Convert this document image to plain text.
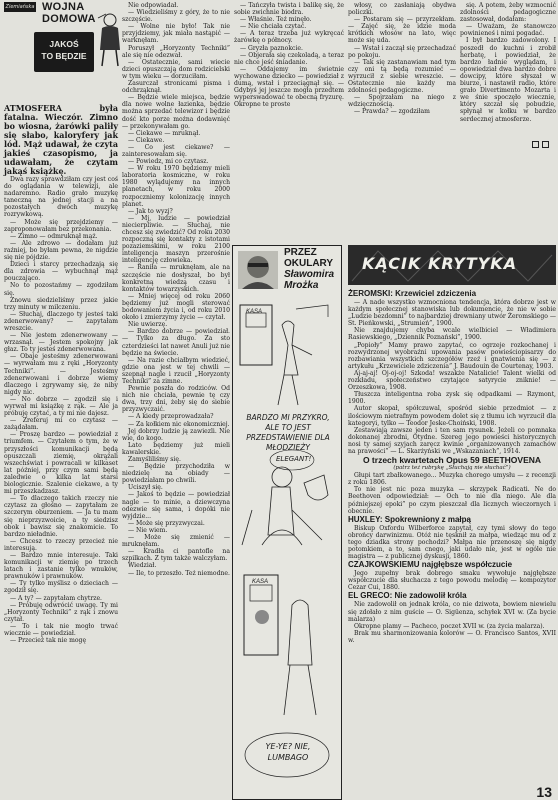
Ziemiańska WOJNA DOMOWA
JAKOŚ
TO BĘDZIE

ATMOSFERA była fatalna. Wieczór. Zimno bo wiosna, żarówki paliły się słabo, kaloryfery jak lód. Mąż udawał, że czyta jakieś czasopismo, ja udawałam, że czytam jakąś książkę.

Dwa razy sprawdziłam czy jest coś do oglądania w telewizji, ale nadaremno. Radio grało muzykę taneczną na jednej stacji a na pozostałych dwóch muzykę rozrywkową.

— Może się przejdziemy — zaproponowałam bez przekonania.

— Zimno — odmruknął mąż.

— Ale zdrowo — dodałam już raźniej, bo byłam pewna, że nigdzie się nie pójdzie.

Dzieci i starcy przechadzają się dla zdrowia — wybuchnął mąż pouczająco.

No to pozostańmy — zgodziłam się.

Znowu siedzieliśmy przez jakie trzy minuty w milczeniu.

— Słuchaj, dlaczego ty jesteś taki zdenerwowany? — zapytałam wreszcie.

— Nie jestem zdenerwowany — wrzasnął. — Jestem spokojny jak głaz. To ty jesteś zdenerwowana.

— Obaje jesteśmy zdenerwowani — wyrwałam mu z ręki „Horyzonty Techniki”. — Jesteśmy zdenerwowani i dobrze wiemy dlaczego i zgrywamy się, że niby nigdy nic.

— No dobrze — zgodził się i wyrwał mi książkę z rąk. — Ale ja próbuję czytać, a ty mi nie dajesz.

— Zreferuj mi co czytasz — zażądałam.

— Proszę bardzo — powiedział z triumfem. — Czytałem o tym, że w przyszłości komunikacji będą opuszczali ziemię, okrążali wszechświat i powracali w kilkaset lat później, przy czym sami będą zaledwie o kilka lat starsi biologicznie. Szalenie ciekawe, a ty mi przeszkadzasz.

— To dlaczego takich rzeczy nie czytasz za głośno — zapytałam ze szczerym oburzeniem. — Ja tu mam się nieprzyzwoicie, a ty siedzisz obok i bawisz się znakomicie. To bardzo nieładnie.

— Chcesz to rzeczy przecież nie interesują.

— Bardzo mnie interesuje. Taki komunikacji w ziemię po trzech latach i zastanie tylko wnuków, prawnuków i prawnuków.

— Ty tylko myślisz o dzieciach — zgodził się.

— A ty? — zapytałam chytrze.

— Próbuję odwrócić uwagę. Ty mi „Horyzonty Techniki” z rąk i znowu czytał.

— To i tak nie mogło trwać wiecznie — powiedział.

— Przecież tak nie mogę

Nie odpowiadał.

— Wiedzieliśmy z góry, że to nie szczęście.

— Wolne nie było! Tak nie przyjdziemy, jak miała nastąpić — warknęłam.

Poruszył „Horyzonty Techniki” ale się nie odezwał.

— Ostatecznie, sami wiecie dzieci opuszczają dom rodzicielski w tym wieku — dorzuciłam.

Zasurczał stronicami pisma i odchrząknął.

— Będzie wiele miejsca, będzie dla nowe wolne łazienka, będzie można sprzedać telewizor i będzie dość kto porze można dodawnięć — przekonywałam go.

— Ciekawe — mruknął.

— Ciekawe.

— Co jest ciekawe? — zainteresowałam się.

— Powiedz, mi co czytasz.

— W roku 1970 będziemy mieli laboratoria kosmiczne, w roku 1980 wylądujemy na innych planetach, w roku 2000 rozpoczniemy kolonizację innych planet.

— Jak to wyzj?

— Mj, ludzie — powiedział niecierpliwie. — Słuchaj, nie chcesz się zwiedzić? Od roku 2030 rozpoczną się kontakty z istotami pozaziemskimi, w roku 2100 inteligencja maszyn przerośnie inteligencję człowieka.

— Raniła — mruknęłam, ale na szczęście nie dosłyszał, bo był konkretną wiedzą czasu i kontaktów towarzyskich.

— Mniej więcej od roku 2060 będziemy już mogli sterować bodowaniem życia i, od roku 2010 około i zmierzymy życie — czytał.

Nie uwierzę.

— Bardzo dobrze — powiedział. — Tylko za długo. Za sto czterdzieści lat nawet Anuli już nie będzie na świecie.

— Na razie chciałbym wiedzieć, gdzie ona jest w tej chwili — szepnął nagle i rzucił „Horyzonty Techniki” za zimne.

Pewnie poszła do rodziców. Od nich nie chciała, pewnie tę czy dwa, trzy dni, żeby się do siebie przyzwyczaić.

— A kiedy przeprowadzała?

— Za kołkiem nic ekonomiczniej.

Jej dobrzy ludzie ją zawiezli. Nie wie, do kogo.

Lato będziemy już mieli kawalerskie.

Zamyśliliśmy się.

— Będzie przychodziła w niedzielę na obiady — powiedziałam po chwili.

Uciszył się.

— Jakoś to będzie — powiedział nagle — to minie, a dziewczyna odezwie się sama, i dopóki nie wyjdzie...

— Może się przyzwyczai.

— Nie wiem.

— Może się zmienić — mruknęłam.

— Kradła ci pantofle na szpilkach. Z tym także walczyłam.

Wiedział.

— Ile, to przeszło. Też niemodne.

— Tańczyła twista i balikę się, że sobie zwichnie biodra.

— Właśnie. Też minęło.

— Nie chciała czytać.

— A teraz trzeba już wykręcać żarówkę o północy.

— Gryzła paznokcie.

— Objerała się czekoladą, a teraz nie chce jeść śniadanie.

— Oddajemy im świetnie wychowane dziecko — powiedział z dumą, wstał i przeciągnął się. — Gdybyś jej jeszcze mogła przedtem wyperswadować te obecną fryzurę. Okropne te proste

włosy, co zasłaniają obydwa policzki.

— Postaram się — przyrzekłam. — Zajęć się, że idzie moda krótkich włosów na lato, więc może się uda.

— Wstał i zaczął się przechadzać po pokoju.

— Tak się zastanawiam nad tym czy oni tą będą rozumieć — wyrzucił z siebie wreszcie. — Ostatecznie nie każdy ma zdolności pedagogiczne.

— Spojrzałam na niego z wdzięcznością.

— Prawda? — zgodziłam

się. A potem, żeby wzmocnić zdolności pedagogiczne zastosował, dodałam:

— Uważam, że stanowczo powinieneś i nimi pogadać.

I był bardzo zadowolony. I poszedł do kuchni i zrobił herbatę, i powiedział, że bardzo ładnie wyglądam, i opowiedział dwa bardzo dobre dowcipy, które słyszał w biurze, i nastawił radio, które grało Divertimento Mozarta i we śnie spoczęło wiecznie, który szczał się pobudzie, spłynął w kołku w bardzo serdecznej atmosferze.

PRZEZ OKULARY
Sławomira
Mrożka
KASA
BARDZO MI PRZYKRO, ALE TO JEST PRZEDSTAWIENIE DLA MŁODZIEŻY
ELEGANT!
KASA
YE-YE? NIE, LUMBAGO
KĄCIK KRYTYKA

ŻEROMSKI: Krzewiciel zdziczenia

— A nade wszystko wzmocniona tendencja, która dobrze jest w każdym społecznej stanowiska lub dokumencie, że nie w sobie „Ludzie bezdomni” to najbardziej drewniany utwór Żeromskiego — St. Pieńkowski, „Strumień”, 1900.

Nie znajdujemy chyba wcale wielbiciel — Władimiera Rasiewskiego, „Dziennik Poznański”, 1900.

„Popioły” Mamy prawo zapytać, co ogrzeje rozkochanej i rozwydrzonej wyobraźni upowania pasów powieściopisarzy do rozbawiania wszystkich szczegółów rzeź i gnatwienia się — z artykułu „Krzewiciele zdziczenia” J. Baudouin de Courtenay, 1903.

Aj-aj-aj! Oj-oj-oj! Szkoda! wszakże Natalicie! Talent wielki od rozkładu, społeczeństwo czytające satyrycie zniknie! — Orzeszkowa, 1908.

Tłuszcza inteligentna roba zysk się odpadkami — Rzymont, 1900.

Autor skopał, spółczuwal, spośród siebie przedmiot — z ilościowym nietrafnym powodem dolet się z tłumu ich wyrzucił dla kategoryi, tylko — Teodor Jeske-Choiński, 1908.

Zestawiają zawsze jeden i ten sam rysunek. Jeżeli co pomnaka dokonanej zbrodni, Otydne. Szereg jego powieści historycznych nosi ty samej szyjach zaręcz kwinie „organizowanych zamachów na prawości” — L. Skarżyński we „Wskazaniach”, 1914.

O trzech kwartetach Opus 59 BEETHOVENA

(patrz też rubrykę „Słuchają nie słuchać”)

Głupi tart zbałkowanego... Muzyka chorego umysłu — z recenzji z roku 1806.

To nie jest nic poza muzyka — skrzypek Radicati. Ne do Beethoven odpowiedział: — Och to nie dla niego. Ale dla późniejszej epoki” po czym pieszczał dla licznych wieczornych i obecnie.

HUXLEY: Spokrewniony z małpą

Biskup Oxfordu Wilberforce zapytał, czy tymi słowy do tego obrońcy darwinizmu. Otóż nie tęsknił za małpa, wiedząc mu od z tego dziadka strony pochodzi? Małpa nie przenoszę się nigdy potomkiem, a to, sam cnego, jaki udało nie, jest w ogóle nie magistra — z publicznej dyskusji, 1860.

CZAJKOWSKIEMU najgłębsze współczucie

Jego zupełny brak dobrego smaku wywołuje najgłębsze współczucie dla słuchacza z tego powodu melodię — kompozytor Cezar Cui, 1880.

EL GRECO: Nie zadowolił króla

Nie zadowolił on jednak króla, co nie dziwota, bowiem niewielu się zdołało z nim guście — O. Sigüenza, schyłek XVI w. (Za bycie malarza)

Okropne plamy — Pacheco, poczet XVII w. (za życia malarza).

Brak mu sharmonizowania kolorów — O. Francisco Santos, XVII w.

13
